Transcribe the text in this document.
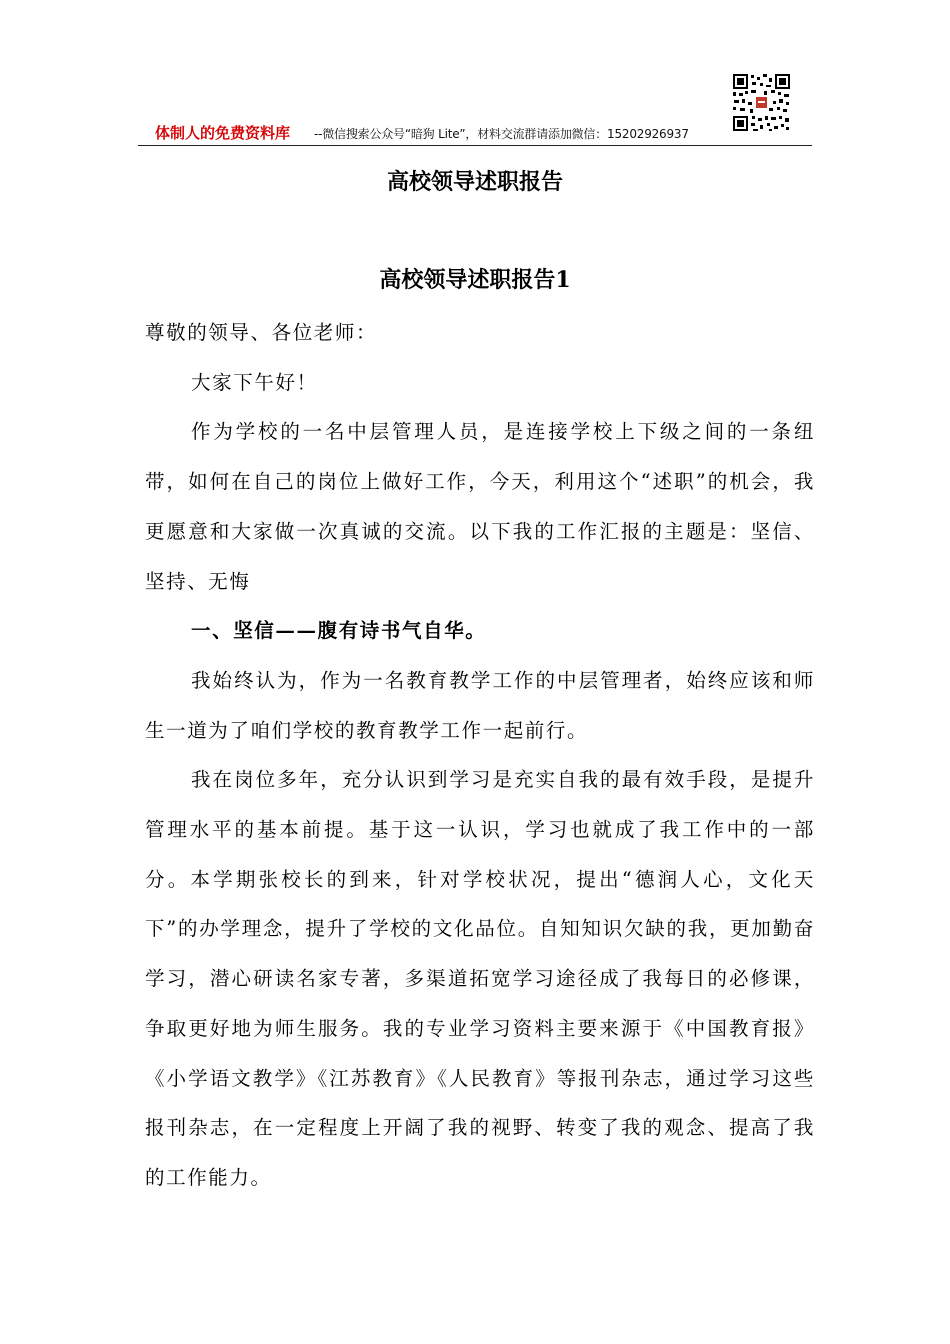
体制人的免费资料库 --微信搜索公众号“暗狗 Lite”，材料交流群请添加微信：15202926937
高校领导述职报告
高校领导述职报告1

尊敬的领导、各位老师：

大家下午好！

作为学校的一名中层管理人员，是连接学校上下级之间的一条纽带，如何在自己的岗位上做好工作，今天，利用这个“述职”的机会，我更愿意和大家做一次真诚的交流。以下我的工作汇报的主题是：坚信、坚持、无悔

一、坚信——腹有诗书气自华。

我始终认为，作为一名教育教学工作的中层管理者，始终应该和师生一道为了咱们学校的教育教学工作一起前行。

我在岗位多年，充分认识到学习是充实自我的最有效手段，是提升管理水平的基本前提。基于这一认识，学习也就成了我工作中的一部分。本学期张校长的到来，针对学校状况，提出“德润人心，文化天下”的办学理念，提升了学校的文化品位。自知知识欠缺的我，更加勤奋学习，潜心研读名家专著，多渠道拓宽学习途径成了我每日的必修课，争取更好地为师生服务。我的专业学习资料主要来源于《中国教育报》《小学语文教学》《江苏教育》《人民教育》等报刊杂志，通过学习这些报刊杂志，在一定程度上开阔了我的视野、转变了我的观念、提高了我的工作能力。
